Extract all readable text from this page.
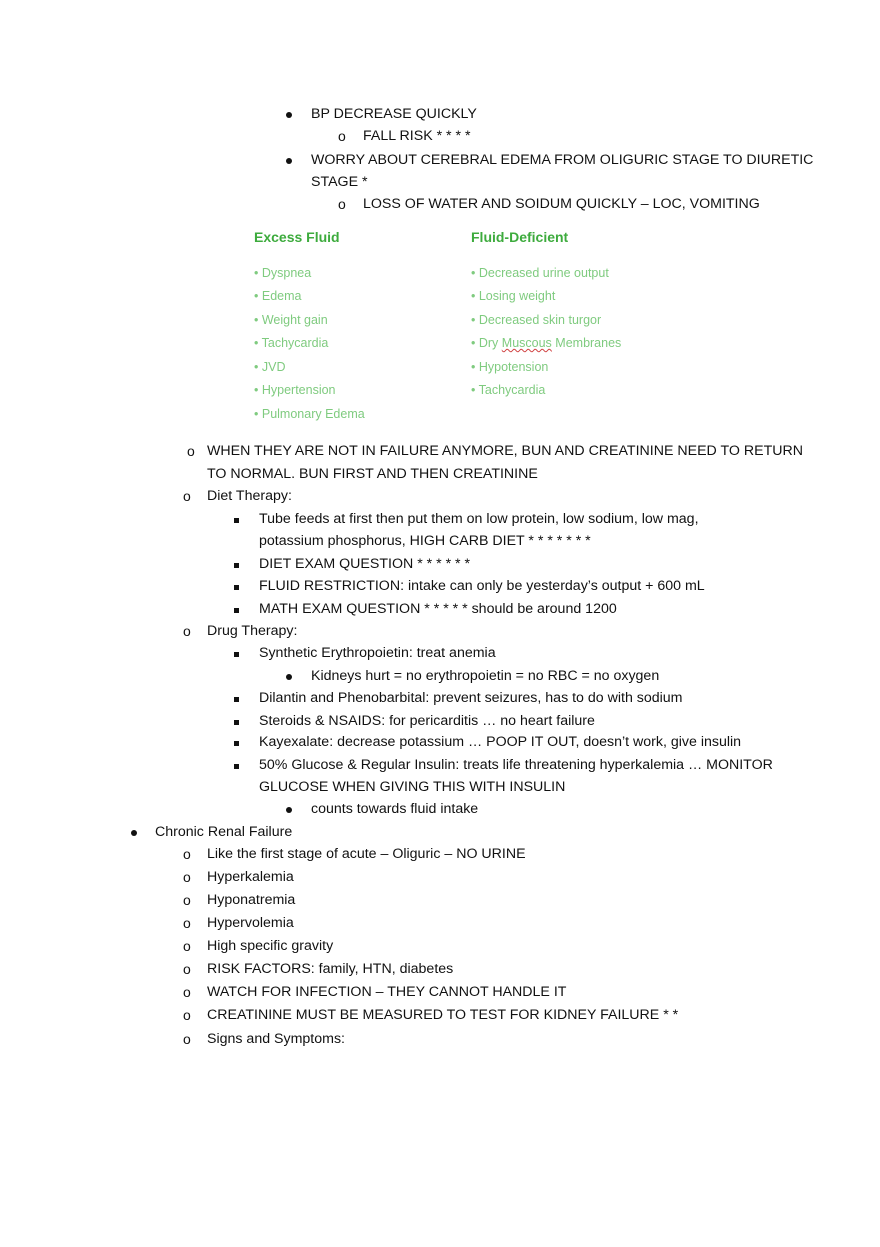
BP DECREASE QUICKLY
o FALL RISK * * * *
WORRY ABOUT CEREBRAL EDEMA FROM OLIGURIC STAGE TO DIURETIC
STAGE *
o LOSS OF WATER AND SOIDUM QUICKLY – LOC, VOMITING
Excess Fluid	Fluid-Deficient
• Dyspnea
• Edema
• Weight gain
• Tachycardia
• JVD
• Hypertension
• Pulmonary Edema
• Decreased urine output
• Losing weight
• Decreased skin turgor
• Dry Muscous Membranes
• Hypotension
• Tachycardia
o WHEN THEY ARE NOT IN FAILURE ANYMORE, BUN AND CREATININE NEED TO RETURN
TO NORMAL. BUN FIRST AND THEN CREATININE
o Diet Therapy:
Tube feeds at first then put them on low protein, low sodium, low mag,
potassium phosphorus, HIGH CARB DIET * * * * * * *
DIET EXAM QUESTION * * * * * *
FLUID RESTRICTION: intake can only be yesterday’s output + 600 mL
MATH EXAM QUESTION * * * * * should be around 1200
o Drug Therapy:
Synthetic Erythropoietin: treat anemia
Kidneys hurt = no erythropoietin = no RBC = no oxygen
Dilantin and Phenobarbital: prevent seizures, has to do with sodium
Steroids & NSAIDS: for pericarditis … no heart failure
Kayexalate: decrease potassium … POOP IT OUT, doesn’t work, give insulin
50% Glucose & Regular Insulin: treats life threatening hyperkalemia … MONITOR
GLUCOSE WHEN GIVING THIS WITH INSULIN
counts towards fluid intake
Chronic Renal Failure
o Like the first stage of acute – Oliguric – NO URINE
o Hyperkalemia
o Hyponatremia
o Hypervolemia
o High specific gravity
o RISK FACTORS: family, HTN, diabetes
o WATCH FOR INFECTION – THEY CANNOT HANDLE IT
o CREATININE MUST BE MEASURED TO TEST FOR KIDNEY FAILURE * *
o Signs and Symptoms:
